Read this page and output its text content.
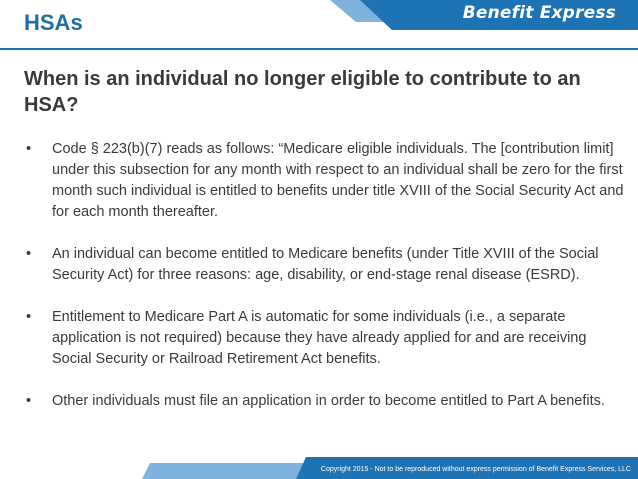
HSAs	Benefit Express
When is an individual no longer eligible to contribute to an HSA?
• Code § 223(b)(7) reads as follows: “Medicare eligible individuals. The [contribution limit] under this subsection for any month with respect to an individual shall be zero for the first month such individual is entitled to benefits under title XVIII of the Social Security Act and for each month thereafter.
• An individual can become entitled to Medicare benefits (under Title XVIII of the Social Security Act) for three reasons: age, disability, or end-stage renal disease (ESRD).
• Entitlement to Medicare Part A is automatic for some individuals (i.e., a separate application is not required) because they have already applied for and are receiving Social Security or Railroad Retirement Act benefits.
• Other individuals must file an application in order to become entitled to Part A benefits.
Copyright 2015 - Not to be reproduced without express permission of Benefit Express Services, LLC
